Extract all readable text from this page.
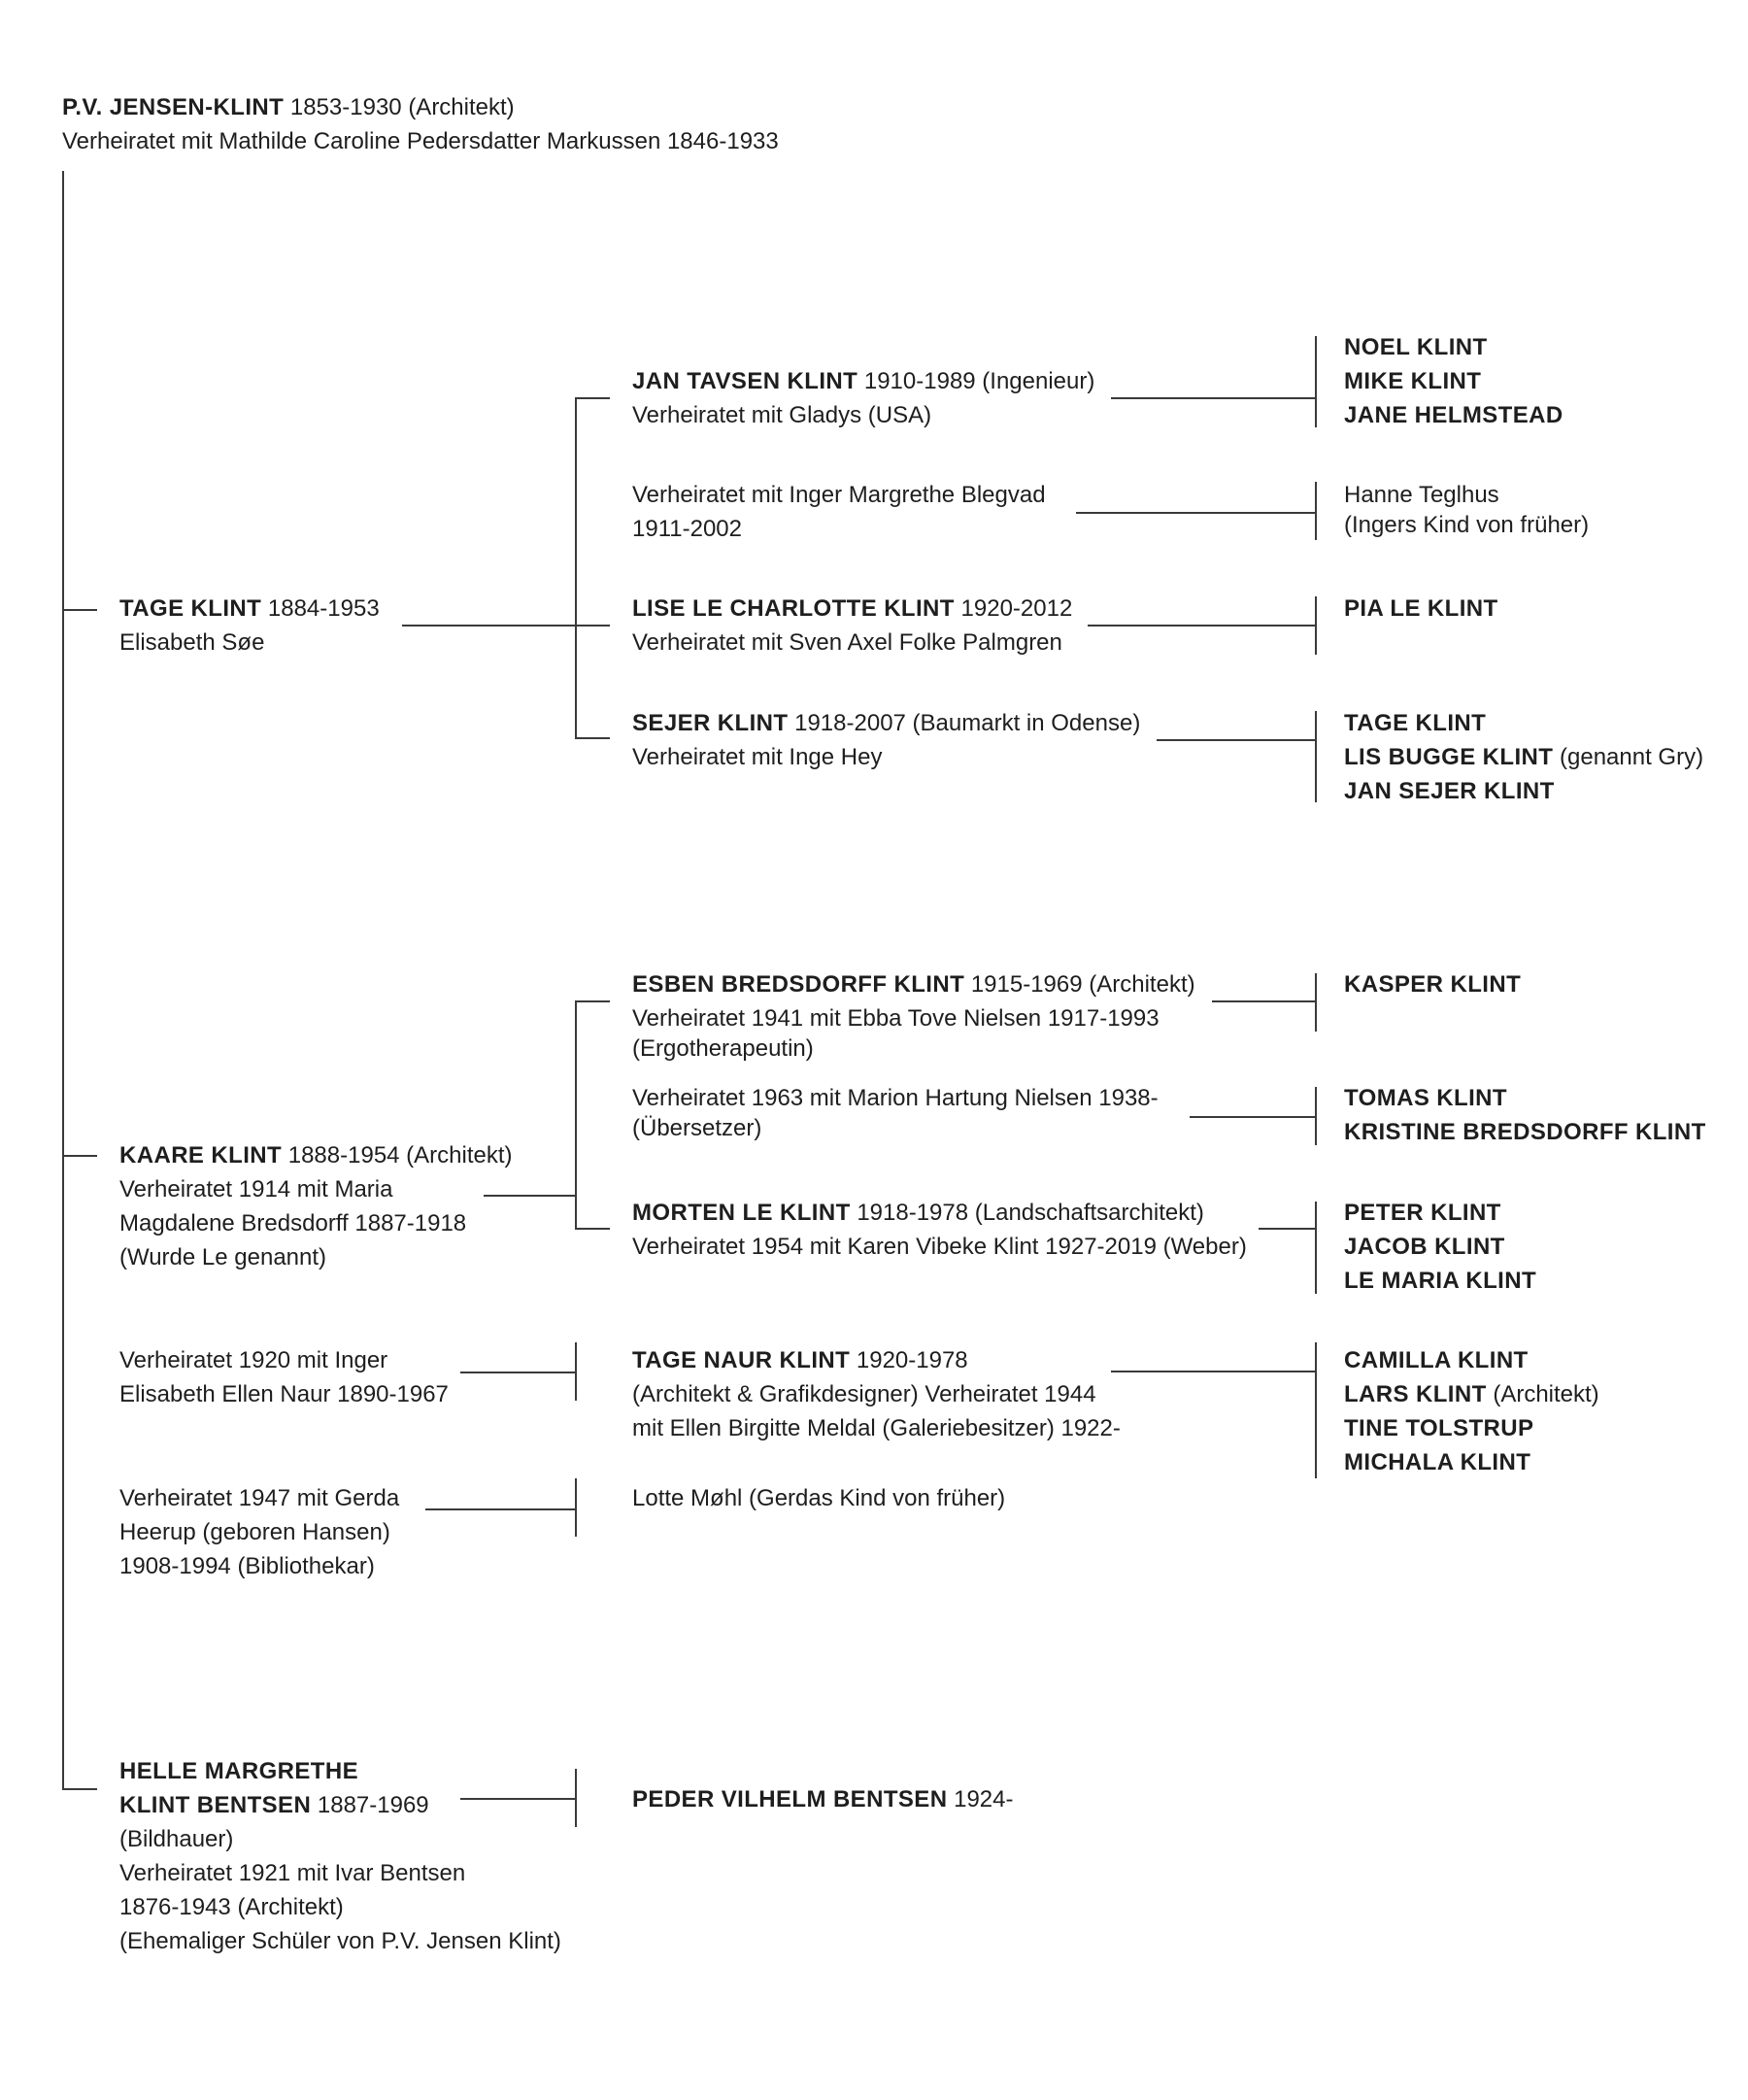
P.V. JENSEN-KLINT 1853-1930 (Architekt)

Verheiratet mit Mathilde Caroline Pedersdatter Markussen 1846-1933

TAGE KLINT 1884-1953

Elisabeth Søe

JAN TAVSEN KLINT 1910-1989 (Ingenieur)

Verheiratet mit Gladys (USA)

Verheiratet mit Inger Margrethe Blegvad

1911-2002

LISE LE CHARLOTTE KLINT 1920-2012

Verheiratet mit Sven Axel Folke Palmgren

SEJER KLINT 1918-2007 (Baumarkt in Odense)

Verheiratet mit Inge Hey

NOEL KLINT

MIKE KLINT

JANE HELMSTEAD

Hanne Teglhus

(Ingers Kind von früher)

PIA LE KLINT

TAGE KLINT

LIS BUGGE KLINT (genannt Gry)

JAN SEJER KLINT

KAARE KLINT 1888-1954 (Architekt)

Verheiratet 1914 mit Maria

Magdalene Bredsdorff 1887-1918

(Wurde Le genannt)

Verheiratet 1920 mit Inger

Elisabeth Ellen Naur 1890-1967

Verheiratet 1947 mit Gerda

Heerup (geboren Hansen)

1908-1994 (Bibliothekar)

ESBEN BREDSDORFF KLINT 1915-1969 (Architekt)

Verheiratet 1941 mit Ebba Tove Nielsen 1917-1993

(Ergotherapeutin)

Verheiratet 1963 mit Marion Hartung Nielsen 1938-

(Übersetzer)

MORTEN LE KLINT 1918-1978 (Landschaftsarchitekt)

Verheiratet 1954 mit Karen Vibeke Klint 1927-2019 (Weber)

TAGE NAUR KLINT 1920-1978

(Architekt & Grafikdesigner) Verheiratet 1944

mit Ellen Birgitte Meldal (Galeriebesitzer) 1922-

Lotte Møhl (Gerdas Kind von früher)

KASPER KLINT

TOMAS KLINT

KRISTINE BREDSDORFF KLINT

PETER KLINT

JACOB KLINT

LE MARIA KLINT

CAMILLA KLINT

LARS KLINT (Architekt)

TINE TOLSTRUP

MICHALA KLINT

HELLE MARGRETHE

KLINT BENTSEN 1887-1969

(Bildhauer)

Verheiratet 1921 mit Ivar Bentsen

1876-1943 (Architekt)

(Ehemaliger Schüler von P.V. Jensen Klint)

PEDER VILHELM BENTSEN 1924-
